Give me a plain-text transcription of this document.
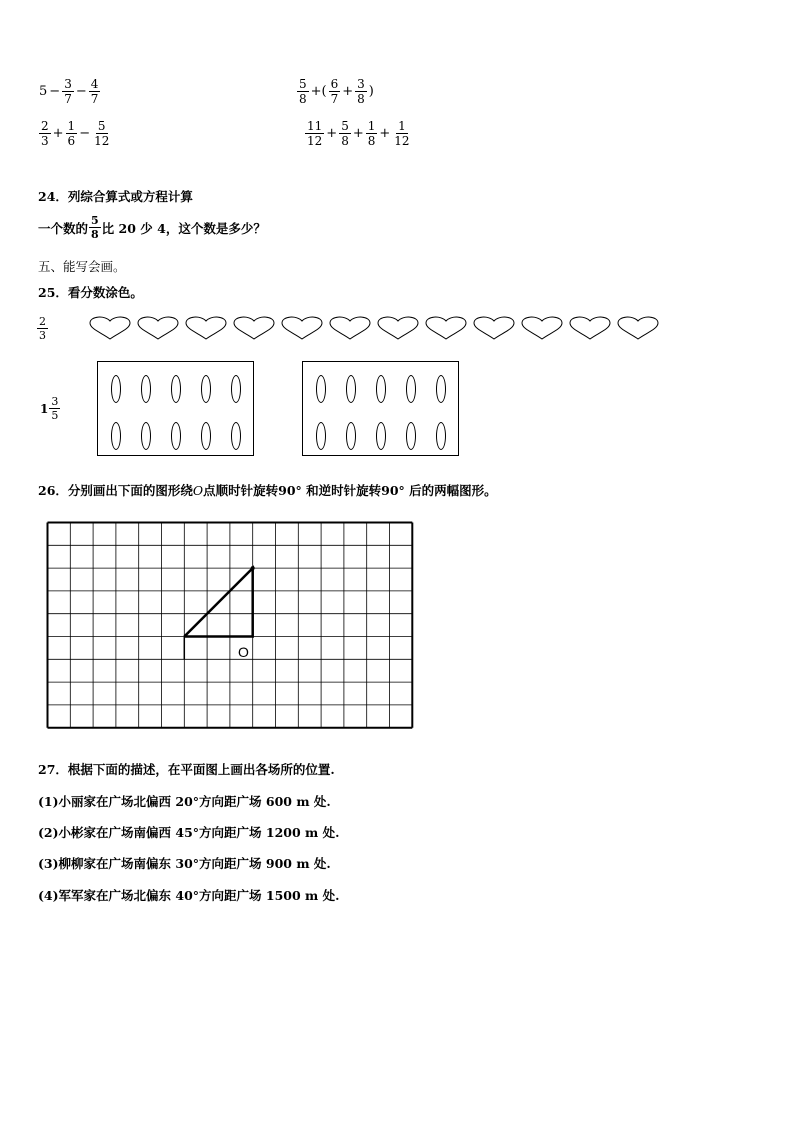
$5 - \frac{3}{7} - \frac{4}{7}$	$\frac{5}{8}$ +( $\frac{6}{7} + \frac{3}{8}$ )
$\frac{2}{3} + \frac{1}{6} - \frac{5}{12}$	$\frac{11}{12} + \frac{5}{8} + \frac{1}{8} + \frac{1}{12}$
24．列综合算式或方程计算
一个数的 $\frac{5}{8}$ 比 20 少 4，这个数是多少？
五、能写会画。
25．看分数涂色。
$\frac{2}{3}$
$1 \frac{3}{5}$
26．分别画出下面的图形绕O点顺时针旋转90° 和逆时针旋转90° 后的两幅图形。
O
27．根据下面的描述，在平面图上画出各场所的位置.
(1)小丽家在广场北偏西 20°方向距广场 600 m 处.
(2)小彬家在广场南偏西 45°方向距广场 1200 m 处.
(3)柳柳家在广场南偏东 30°方向距广场 900 m 处.
(4)军军家在广场北偏东 40°方向距广场 1500 m 处.
